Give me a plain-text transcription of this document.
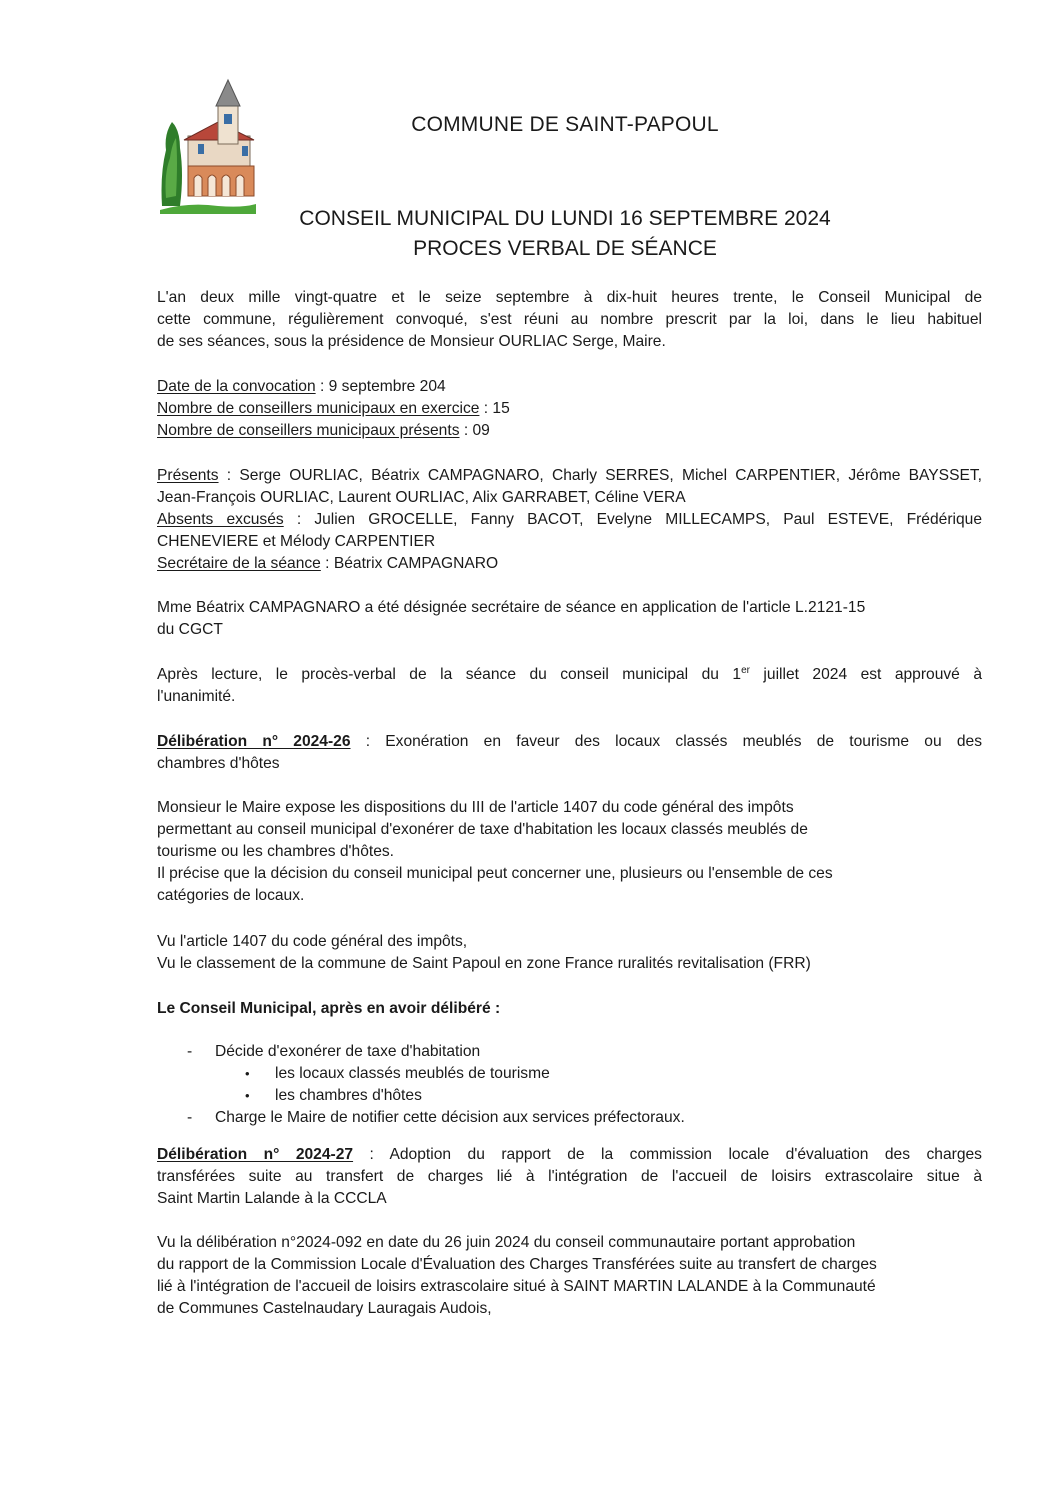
COMMUNE DE SAINT-PAPOUL
CONSEIL MUNICIPAL DU LUNDI 16 SEPTEMBRE 2024
PROCES VERBAL DE SÉANCE
L'an deux mille vingt-quatre et le seize septembre à dix-huit heures trente, le Conseil Municipal de
cette commune, régulièrement convoqué, s'est réuni au nombre prescrit par la loi, dans le lieu habituel
de ses séances, sous la présidence de Monsieur OURLIAC Serge, Maire.
Date de la convocation : 9 septembre 204
Nombre de conseillers municipaux en exercice : 15
Nombre de conseillers municipaux présents : 09
Présents : Serge OURLIAC, Béatrix CAMPAGNARO, Charly SERRES, Michel CARPENTIER, Jérôme BAYSSET,
Jean-François OURLIAC, Laurent OURLIAC, Alix GARRABET, Céline VERA
Absents excusés : Julien GROCELLE, Fanny BACOT, Evelyne MILLECAMPS, Paul ESTEVE, Frédérique
CHENEVIERE et Mélody CARPENTIER
Secrétaire de la séance : Béatrix CAMPAGNARO
Mme Béatrix CAMPAGNARO a été désignée secrétaire de séance en application de l'article L.2121-15
du CGCT
Après lecture, le procès-verbal de la séance du conseil municipal du 1er juillet 2024 est approuvé à
l'unanimité.
Délibération n° 2024-26 : Exonération en faveur des locaux classés meublés de tourisme ou des
chambres d'hôtes
Monsieur le Maire expose les dispositions du III de l'article 1407 du code général des impôts
permettant au conseil municipal d'exonérer de taxe d'habitation les locaux classés meublés de
tourisme ou les chambres d'hôtes.
Il précise que la décision du conseil municipal peut concerner une, plusieurs ou l'ensemble de ces
catégories de locaux.
Vu l'article 1407 du code général des impôts,
Vu le classement de la commune de Saint Papoul en zone France ruralités revitalisation (FRR)
Le Conseil Municipal, après en avoir délibéré :
- Décide d'exonérer de taxe d'habitation
• les locaux classés meublés de tourisme
• les chambres d'hôtes
- Charge le Maire de notifier cette décision aux services préfectoraux.
Délibération n° 2024-27 : Adoption du rapport de la commission locale d'évaluation des charges
transférées suite au transfert de charges lié à l'intégration de l'accueil de loisirs extrascolaire situe à
Saint Martin Lalande à la CCCLA
Vu la délibération n°2024-092 en date du 26 juin 2024 du conseil communautaire portant approbation
du rapport de la Commission Locale d'Évaluation des Charges Transférées suite au transfert de charges
lié à l'intégration de l'accueil de loisirs extrascolaire situé à SAINT MARTIN LALANDE à la Communauté
de Communes Castelnaudary Lauragais Audois,
